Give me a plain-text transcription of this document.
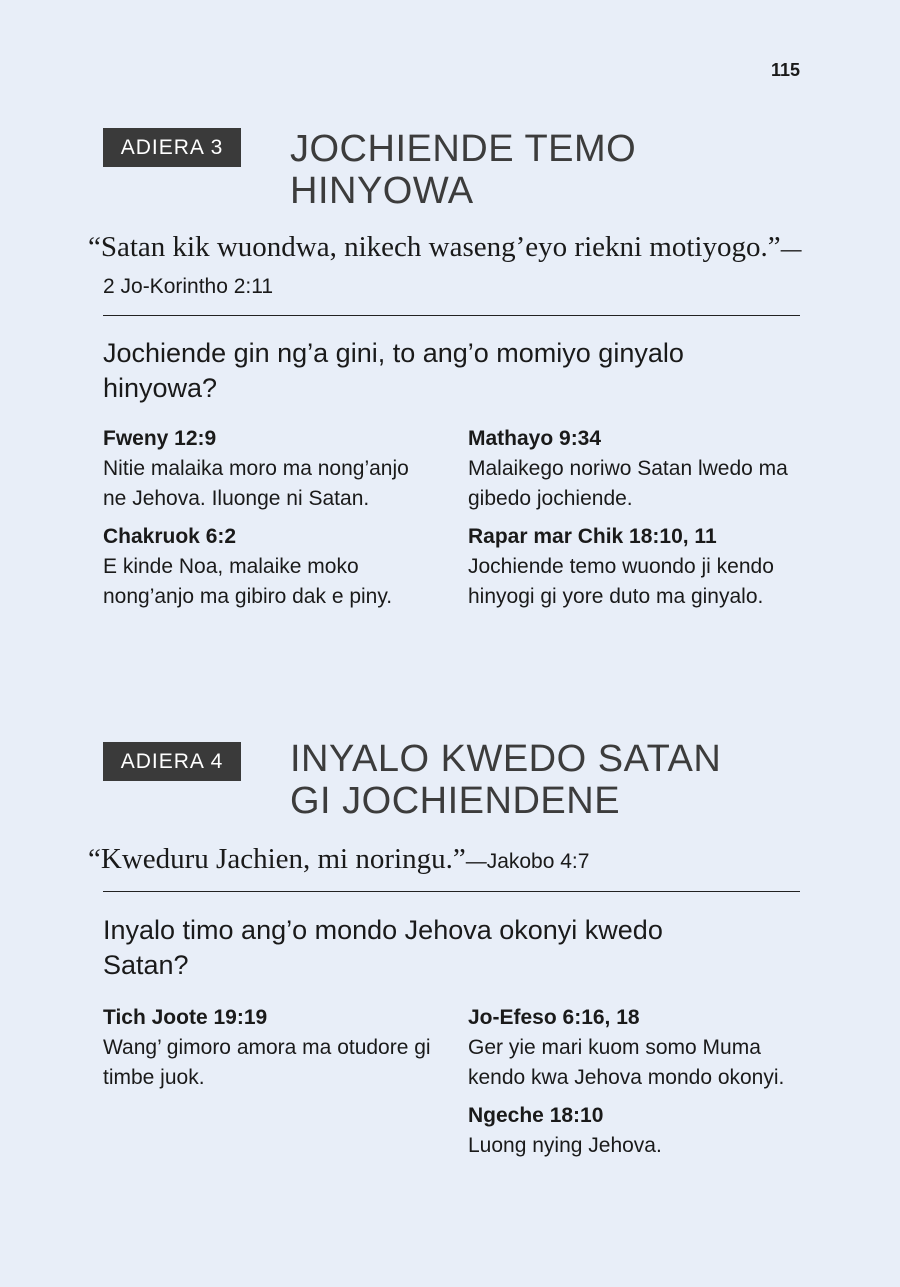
115
ADIERA 3	JOCHIENDE TEMO
HINYOWA
“Satan kik wuondwa, nikech waseng’eyo riekni motiyogo.”—2 Jo-Korintho 2:11
Jochiende gin ng’a gini, to ang’o momiyo ginyalo hinyowa?
Fweny 12:9
Nitie malaika moro ma nong’anjo ne Jehova. Iluonge ni Satan.
Chakruok 6:2
E kinde Noa, malaike moko nong’anjo ma gibiro dak e piny.
Mathayo 9:34
Malaikego noriwo Satan lwedo ma gibedo jochiende.
Rapar mar Chik 18:10, 11
Jochiende temo wuondo ji kendo hinyogi gi yore duto ma ginyalo.
ADIERA 4	INYALO KWEDO SATAN
GI JOCHIENDENE
“Kweduru Jachien, mi noringu.”—Jakobo 4:7
Inyalo timo ang’o mondo Jehova okonyi kwedo Satan?
Tich Joote 19:19
Wang’ gimoro amora ma otudore gi timbe juok.
Jo-Efeso 6:16, 18
Ger yie mari kuom somo Muma kendo kwa Jehova mondo okonyi.
Ngeche 18:10
Luong nying Jehova.
